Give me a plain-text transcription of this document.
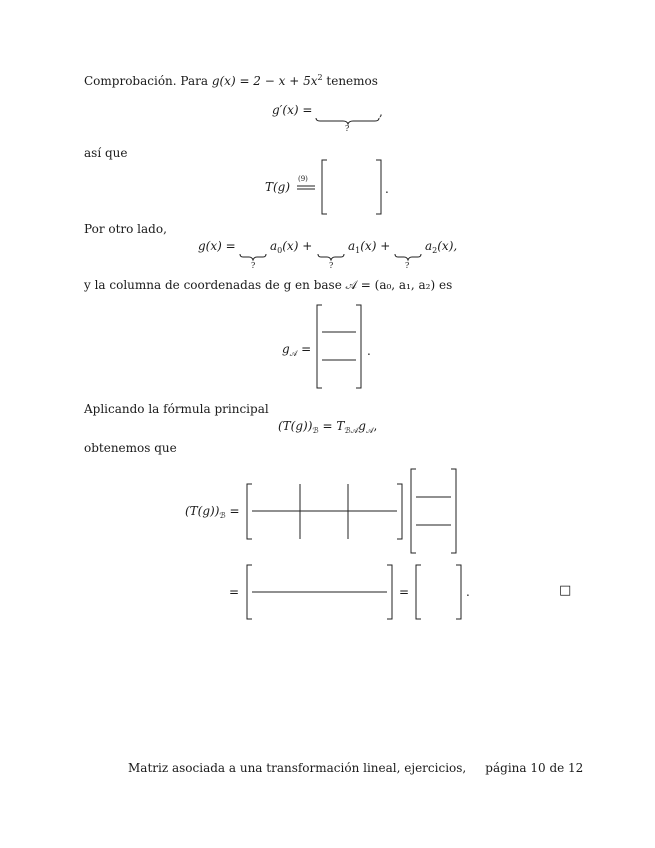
Comprobación. Para $g(x) = 2 - x + 5x^2$ tenemos
g′(x) =	,
?
así que
T(g)
(9)
.
Por otro lado,
g(x) =	$a_0(x)$ +	$a_1(x)$ +	$a_2(x)$,
?	?	?
y la columna de coordenadas de g en base 𝒜 = (a₀, a₁, a₂) es
$g_𝒜$ =	.
Aplicando la fórmula principal
$(T(g))_ℬ = T_{ℬ𝒜}g_𝒜$,
obtenemos que
$(T(g))_ℬ$ =
=	=	.	□
Matriz asociada a una transformación lineal, ejercicios,     página 10 de 12
